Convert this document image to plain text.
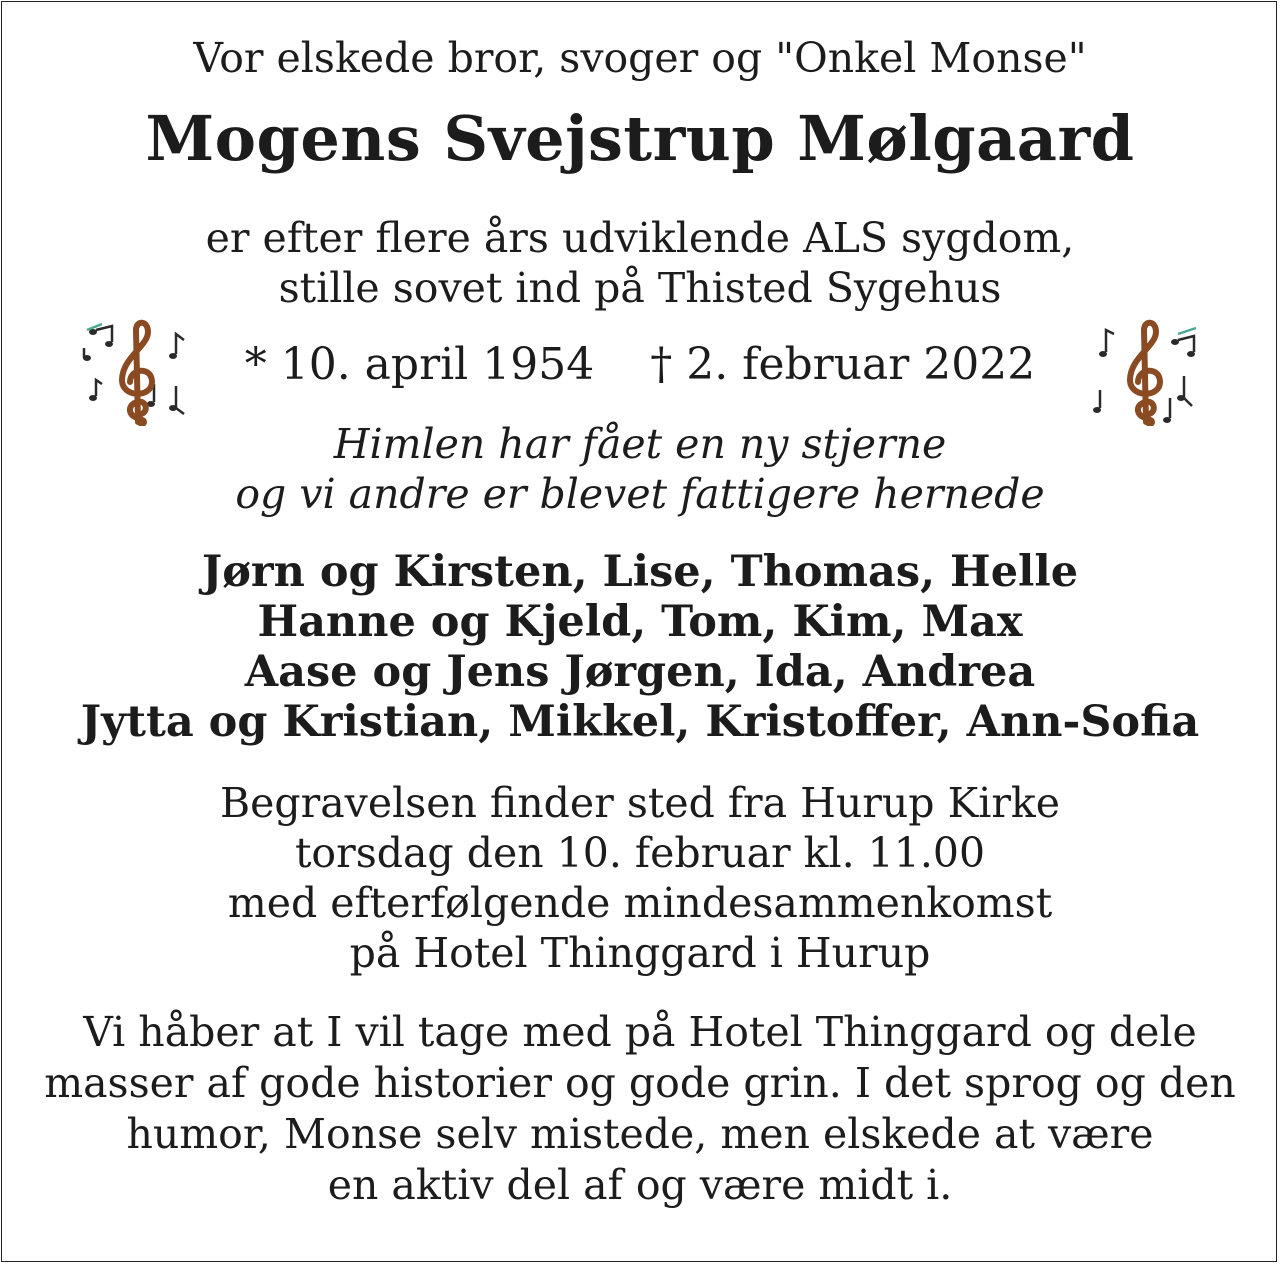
Vor elskede bror, svoger og "Onkel Monse"
Mogens Svejstrup Mølgaard
er efter flere års udviklende ALS sygdom,
stille sovet ind på Thisted Sygehus
* 10. april 1954 † 2. februar 2022
Himlen har fået en ny stjerne
og vi andre er blevet fattigere hernede
Jørn og Kirsten, Lise, Thomas, Helle
Hanne og Kjeld, Tom, Kim, Max
Aase og Jens Jørgen, Ida, Andrea
Jytta og Kristian, Mikkel, Kristoffer, Ann-Sofia
Begravelsen finder sted fra Hurup Kirke
torsdag den 10. februar kl. 11.00
med efterfølgende mindesammenkomst
på Hotel Thinggard i Hurup
Vi håber at I vil tage med på Hotel Thinggard og dele
masser af gode historier og gode grin. I det sprog og den
humor, Monse selv mistede, men elskede at være
en aktiv del af og være midt i.
